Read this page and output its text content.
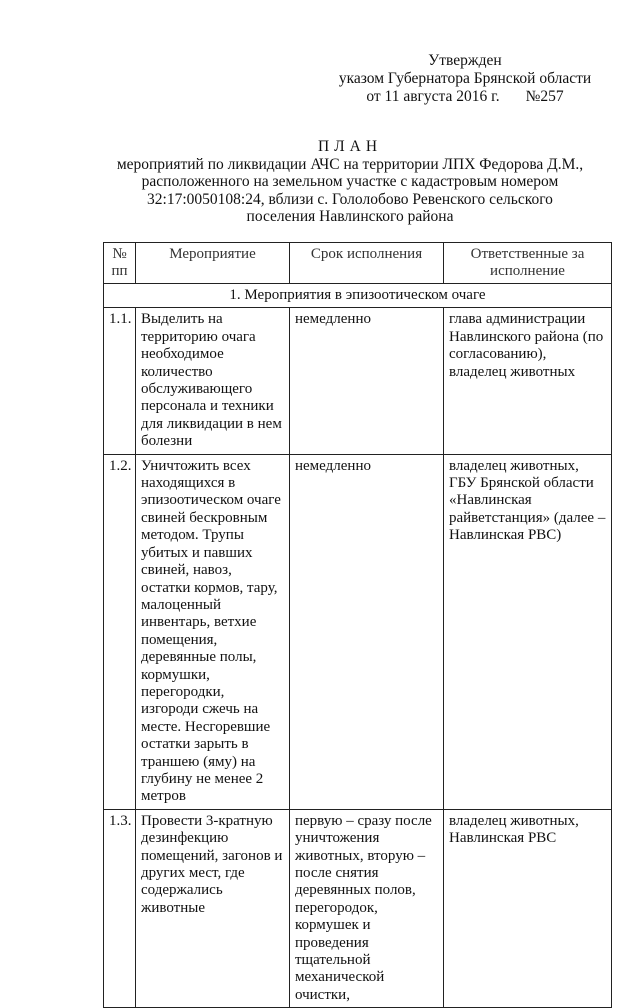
Утвержден
указом Губернатора Брянской области
от 11 августа 2016 г. №257
ПЛАН
мероприятий по ликвидации АЧС на территории ЛПХ Федорова Д.М.,
расположенного на земельном участке с кадастровым номером
32:17:0050108:24, вблизи с. Гололобово Ревенского сельского
поселения Навлинского района
№ пп	Мероприятие	Срок исполнения	Ответственные за исполнение
1. Мероприятия в эпизоотическом очаге			
1.1.	Выделить на территорию очага необходимое количество обслуживающего персонала и техники для ликвидации в нем болезни	немедленно	глава администрации Навлинского района (по согласованию), владелец животных
1.2.	Уничтожить всех находящихся в эпизоотическом очаге свиней бескровным методом. Трупы убитых и павших свиней, навоз, остатки кормов, тару, малоценный инвентарь, ветхие помещения, деревянные полы, кормушки, перегородки, изгороди сжечь на месте. Несгоревшие остатки зарыть в траншею (яму) на глубину не менее 2 метров	немедленно	владелец животных, ГБУ Брянской области «Навлинская райветстанция» (далее – Навлинская РВС)
1.3.	Провести 3-кратную дезинфекцию помещений, загонов и других мест, где содержались животные	первую – сразу после уничтожения животных, вторую – после снятия деревянных полов, перегородок, кормушек и проведения тщательной механической очистки,	владелец животных, Навлинская РВС
